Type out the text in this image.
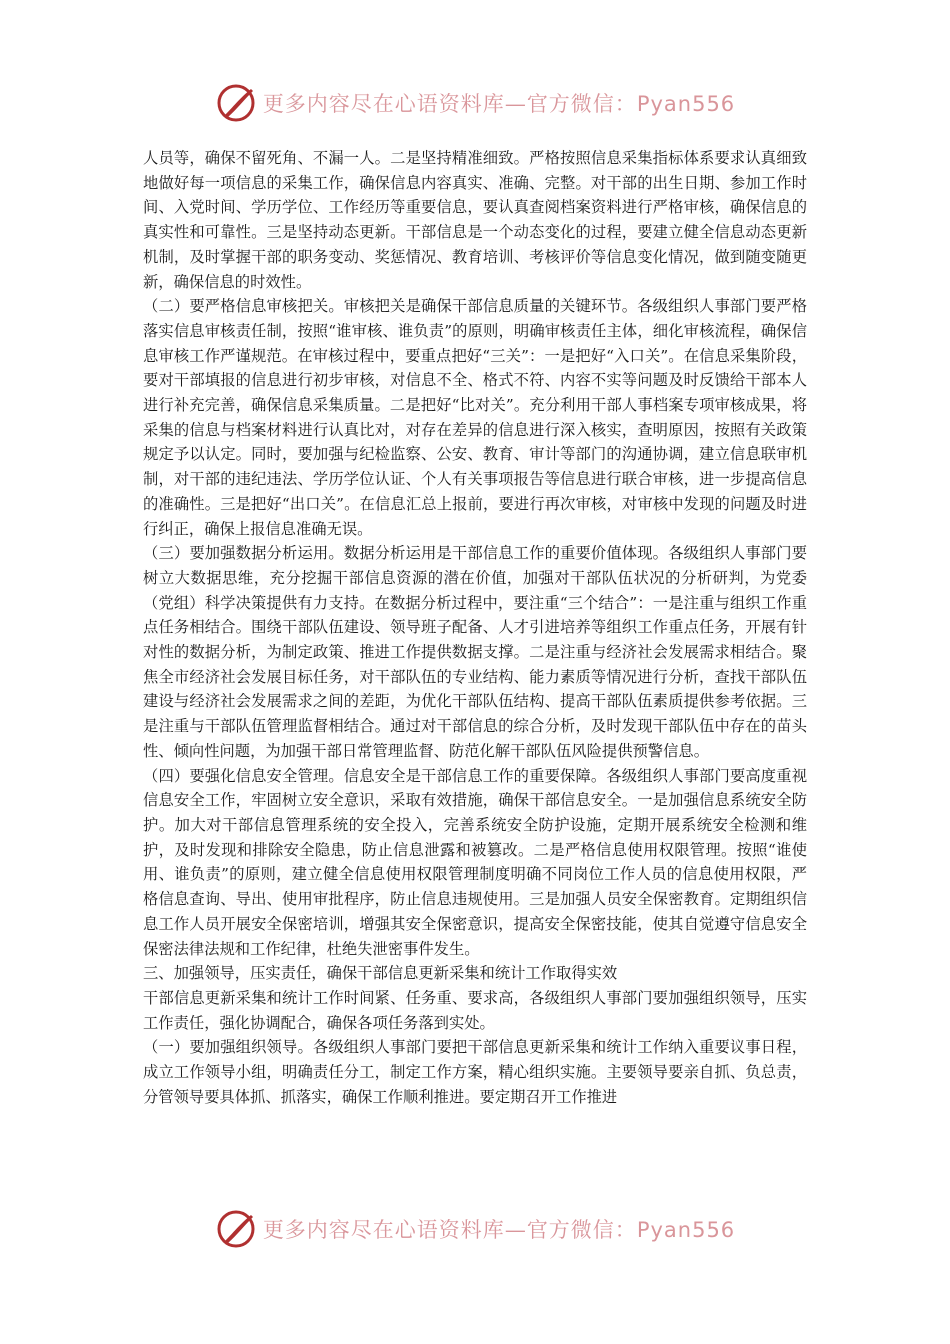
更多内容尽在心语资料库—官方微信：Pyan556

人员等，确保不留死角、不漏一人。二是坚持精准细致。严格按照信息采集指标体系要求认真细致地做好每一项信息的采集工作，确保信息内容真实、准确、完整。对干部的出生日期、参加工作时间、入党时间、学历学位、工作经历等重要信息，要认真查阅档案资料进行严格审核，确保信息的真实性和可靠性。三是坚持动态更新。干部信息是一个动态变化的过程，要建立健全信息动态更新机制，及时掌握干部的职务变动、奖惩情况、教育培训、考核评价等信息变化情况，做到随变随更新，确保信息的时效性。

（二）要严格信息审核把关。审核把关是确保干部信息质量的关键环节。各级组织人事部门要严格落实信息审核责任制，按照“谁审核、谁负责”的原则，明确审核责任主体，细化审核流程，确保信息审核工作严谨规范。在审核过程中，要重点把好“三关”：一是把好“入口关”。在信息采集阶段，要对干部填报的信息进行初步审核，对信息不全、格式不符、内容不实等问题及时反馈给干部本人进行补充完善，确保信息采集质量。二是把好“比对关”。充分利用干部人事档案专项审核成果，将采集的信息与档案材料进行认真比对，对存在差异的信息进行深入核实，查明原因，按照有关政策规定予以认定。同时，要加强与纪检监察、公安、教育、审计等部门的沟通协调，建立信息联审机制，对干部的违纪违法、学历学位认证、个人有关事项报告等信息进行联合审核，进一步提高信息的准确性。三是把好“出口关”。在信息汇总上报前，要进行再次审核，对审核中发现的问题及时进行纠正，确保上报信息准确无误。

（三）要加强数据分析运用。数据分析运用是干部信息工作的重要价值体现。各级组织人事部门要树立大数据思维，充分挖掘干部信息资源的潜在价值，加强对干部队伍状况的分析研判，为党委（党组）科学决策提供有力支持。在数据分析过程中，要注重“三个结合”：一是注重与组织工作重点任务相结合。围绕干部队伍建设、领导班子配备、人才引进培养等组织工作重点任务，开展有针对性的数据分析，为制定政策、推进工作提供数据支撑。二是注重与经济社会发展需求相结合。聚焦全市经济社会发展目标任务，对干部队伍的专业结构、能力素质等情况进行分析，查找干部队伍建设与经济社会发展需求之间的差距，为优化干部队伍结构、提高干部队伍素质提供参考依据。三是注重与干部队伍管理监督相结合。通过对干部信息的综合分析，及时发现干部队伍中存在的苗头性、倾向性问题，为加强干部日常管理监督、防范化解干部队伍风险提供预警信息。

（四）要强化信息安全管理。信息安全是干部信息工作的重要保障。各级组织人事部门要高度重视信息安全工作，牢固树立安全意识，采取有效措施，确保干部信息安全。一是加强信息系统安全防护。加大对干部信息管理系统的安全投入，完善系统安全防护设施，定期开展系统安全检测和维护，及时发现和排除安全隐患，防止信息泄露和被篡改。二是严格信息使用权限管理。按照“谁使用、谁负责”的原则，建立健全信息使用权限管理制度明确不同岗位工作人员的信息使用权限，严格信息查询、导出、使用审批程序，防止信息违规使用。三是加强人员安全保密教育。定期组织信息工作人员开展安全保密培训，增强其安全保密意识，提高安全保密技能，使其自觉遵守信息安全保密法律法规和工作纪律，杜绝失泄密事件发生。

三、加强领导，压实责任，确保干部信息更新采集和统计工作取得实效

干部信息更新采集和统计工作时间紧、任务重、要求高，各级组织人事部门要加强组织领导，压实工作责任，强化协调配合，确保各项任务落到实处。

（一）要加强组织领导。各级组织人事部门要把干部信息更新采集和统计工作纳入重要议事日程，成立工作领导小组，明确责任分工，制定工作方案，精心组织实施。主要领导要亲自抓、负总责，分管领导要具体抓、抓落实，确保工作顺利推进。要定期召开工作推进

更多内容尽在心语资料库—官方微信：Pyan556
